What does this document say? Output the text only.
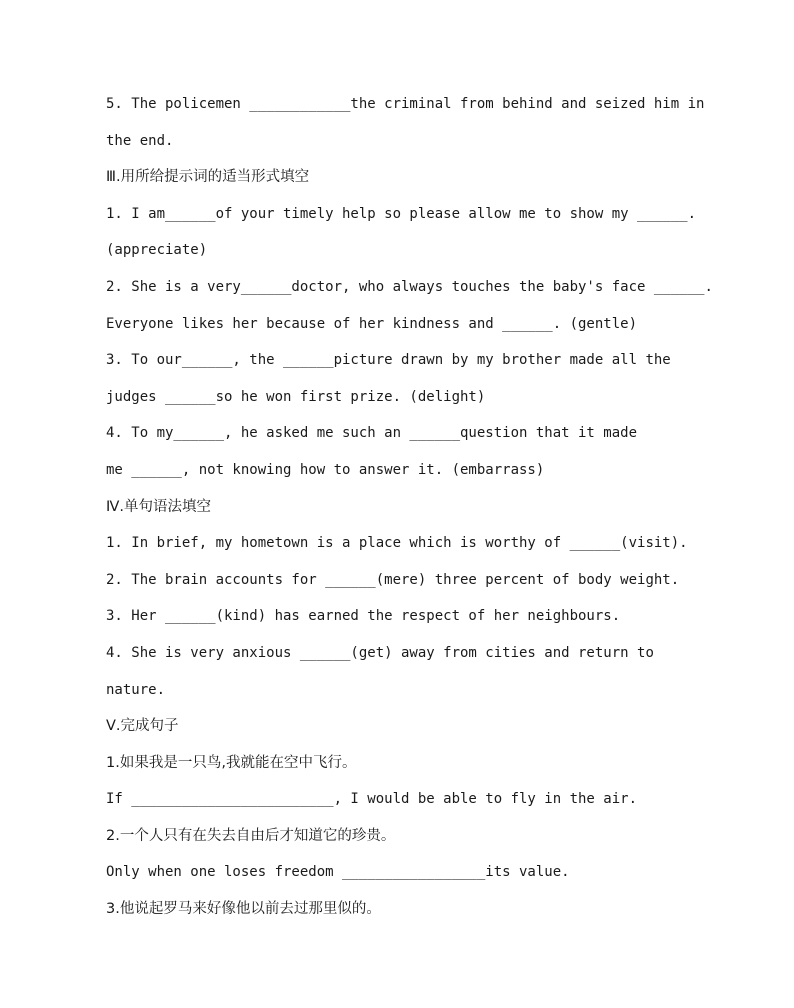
5. The policemen ____________the criminal from behind and seized him in
the end.
Ⅲ.用所给提示词的适当形式填空
1. I am______of your timely help so please allow me to show my ______.
(appreciate)
2. She is a very______doctor, who always touches the baby's face ______.
Everyone likes her because of her kindness and ______. (gentle)
3. To our______, the ______picture drawn by my brother made all the
judges ______so he won first prize. (delight)
4. To my______, he asked me such an ______question that it made
me ______, not knowing how to answer it. (embarrass)
Ⅳ.单句语法填空
1. In brief, my hometown is a place which is worthy of ______(visit).
2. The brain accounts for ______(mere) three percent of body weight.
3. Her ______(kind) has earned the respect of her neighbours.
4. She is very anxious ______(get) away from cities and return to
nature.
Ⅴ.完成句子
1.如果我是一只鸟,我就能在空中飞行。
If ________________________, I would be able to fly in the air.
2.一个人只有在失去自由后才知道它的珍贵。
Only when one loses freedom _________________its value.
3.他说起罗马来好像他以前去过那里似的。
